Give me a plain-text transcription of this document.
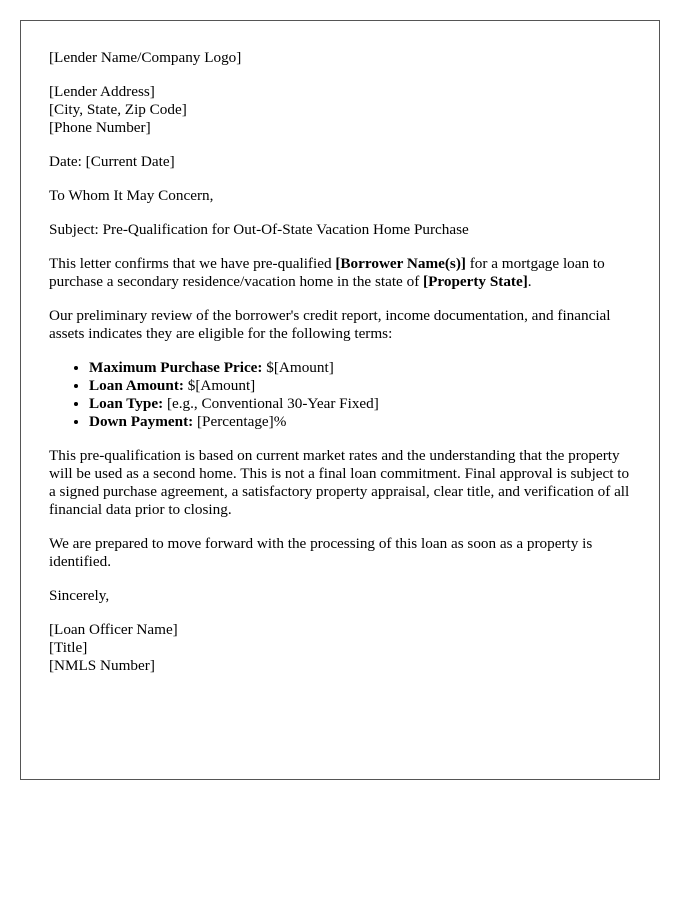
[Lender Name/Company Logo]

[Lender Address]
[City, State, Zip Code]
[Phone Number]

Date: [Current Date]

To Whom It May Concern,

Subject: Pre-Qualification for Out-Of-State Vacation Home Purchase

This letter confirms that we have pre-qualified [Borrower Name(s)] for a mortgage loan to purchase a secondary residence/vacation home in the state of [Property State].

Our preliminary review of the borrower's credit report, income documentation, and financial assets indicates they are eligible for the following terms:

• Maximum Purchase Price: $[Amount]
• Loan Amount: $[Amount]
• Loan Type: [e.g., Conventional 30-Year Fixed]
• Down Payment: [Percentage]%

This pre-qualification is based on current market rates and the understanding that the property will be used as a second home. This is not a final loan commitment. Final approval is subject to a signed purchase agreement, a satisfactory property appraisal, clear title, and verification of all financial data prior to closing.

We are prepared to move forward with the processing of this loan as soon as a property is identified.

Sincerely,

[Loan Officer Name]
[Title]
[NMLS Number]
